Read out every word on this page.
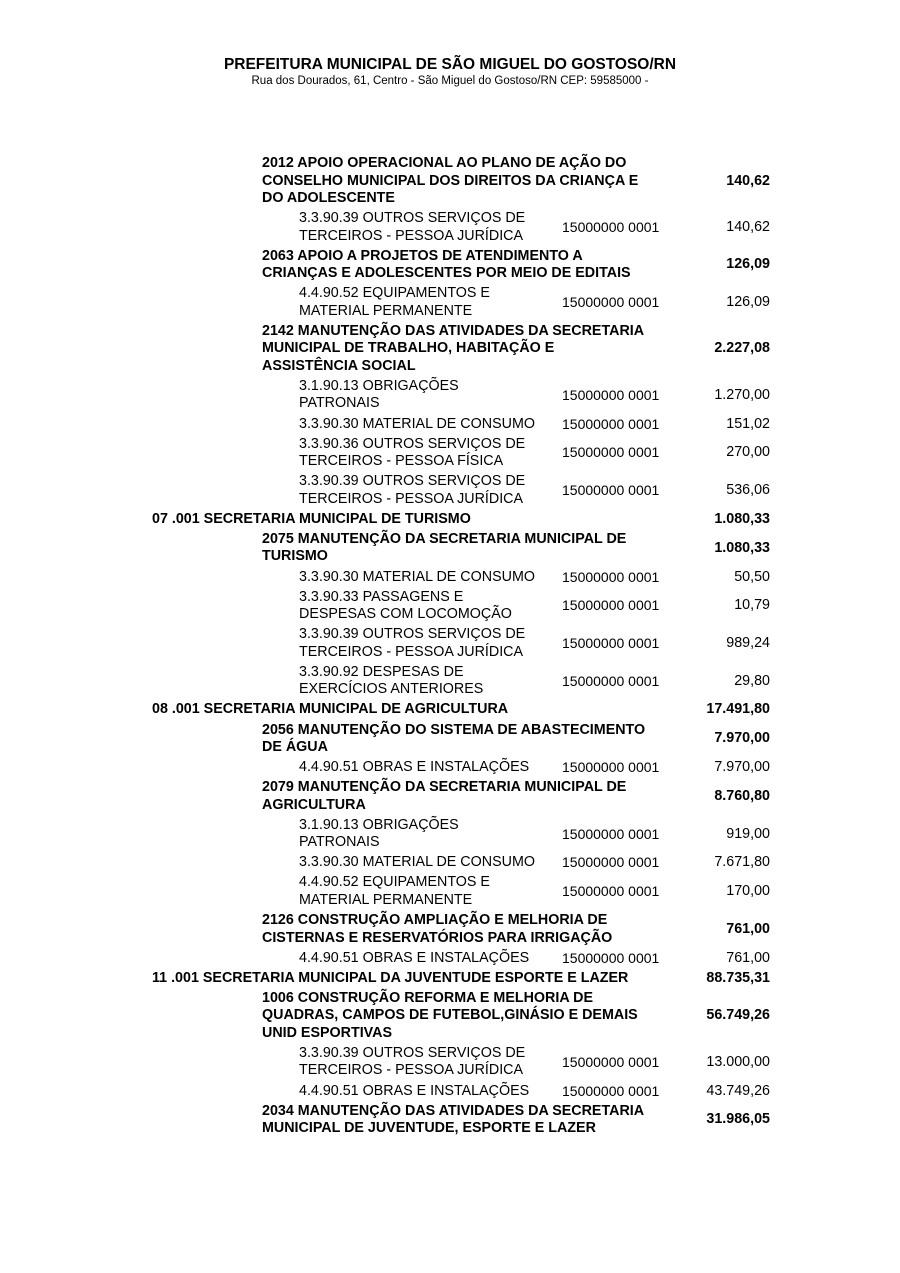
PREFEITURA MUNICIPAL DE SÃO MIGUEL DO GOSTOSO/RN
Rua dos Dourados, 61, Centro - São Miguel do Gostoso/RN CEP: 59585000 -
2012 APOIO OPERACIONAL AO PLANO DE AÇÃO DO
CONSELHO MUNICIPAL DOS DIREITOS DA CRIANÇA E
DO ADOLESCENTE
140,62
3.3.90.39 OUTROS SERVIÇOS DE
TERCEIROS - PESSOA JURÍDICA
15000000 0001	140,62
2063 APOIO A PROJETOS DE ATENDIMENTO A
CRIANÇAS E ADOLESCENTES POR MEIO DE EDITAIS
126,09
4.4.90.52 EQUIPAMENTOS E
MATERIAL PERMANENTE
15000000 0001	126,09
2142 MANUTENÇÃO DAS ATIVIDADES DA SECRETARIA
MUNICIPAL DE TRABALHO, HABITAÇÃO E
ASSISTÊNCIA SOCIAL
2.227,08
3.1.90.13 OBRIGAÇÕES
PATRONAIS
15000000 0001	1.270,00
3.3.90.30 MATERIAL DE CONSUMO	15000000 0001	151,02
3.3.90.36 OUTROS SERVIÇOS DE
TERCEIROS - PESSOA FÍSICA
15000000 0001	270,00
3.3.90.39 OUTROS SERVIÇOS DE
TERCEIROS - PESSOA JURÍDICA
15000000 0001	536,06
07 .001 SECRETARIA MUNICIPAL DE TURISMO	1.080,33
2075 MANUTENÇÃO DA SECRETARIA MUNICIPAL DE
TURISMO
1.080,33
3.3.90.30 MATERIAL DE CONSUMO	15000000 0001	50,50
3.3.90.33 PASSAGENS E
DESPESAS COM LOCOMOÇÃO
15000000 0001	10,79
3.3.90.39 OUTROS SERVIÇOS DE
TERCEIROS - PESSOA JURÍDICA
15000000 0001	989,24
3.3.90.92 DESPESAS DE
EXERCÍCIOS ANTERIORES
15000000 0001	29,80
08 .001 SECRETARIA MUNICIPAL DE AGRICULTURA	17.491,80
2056 MANUTENÇÃO DO SISTEMA DE ABASTECIMENTO
DE ÁGUA
7.970,00
4.4.90.51 OBRAS E INSTALAÇÕES	15000000 0001	7.970,00
2079 MANUTENÇÃO DA SECRETARIA MUNICIPAL DE
AGRICULTURA
8.760,80
3.1.90.13 OBRIGAÇÕES
PATRONAIS
15000000 0001	919,00
3.3.90.30 MATERIAL DE CONSUMO	15000000 0001	7.671,80
4.4.90.52 EQUIPAMENTOS E
MATERIAL PERMANENTE
15000000 0001	170,00
2126 CONSTRUÇÃO AMPLIAÇÃO E MELHORIA DE
CISTERNAS E RESERVATÓRIOS PARA IRRIGAÇÃO
761,00
4.4.90.51 OBRAS E INSTALAÇÕES	15000000 0001	761,00
11 .001 SECRETARIA MUNICIPAL DA JUVENTUDE ESPORTE E LAZER	88.735,31
1006 CONSTRUÇÃO REFORMA E MELHORIA DE
QUADRAS, CAMPOS DE FUTEBOL,GINÁSIO E DEMAIS
UNID ESPORTIVAS
56.749,26
3.3.90.39 OUTROS SERVIÇOS DE
TERCEIROS - PESSOA JURÍDICA
15000000 0001	13.000,00
4.4.90.51 OBRAS E INSTALAÇÕES	15000000 0001	43.749,26
2034 MANUTENÇÃO DAS ATIVIDADES DA SECRETARIA
MUNICIPAL DE JUVENTUDE, ESPORTE E LAZER
31.986,05
